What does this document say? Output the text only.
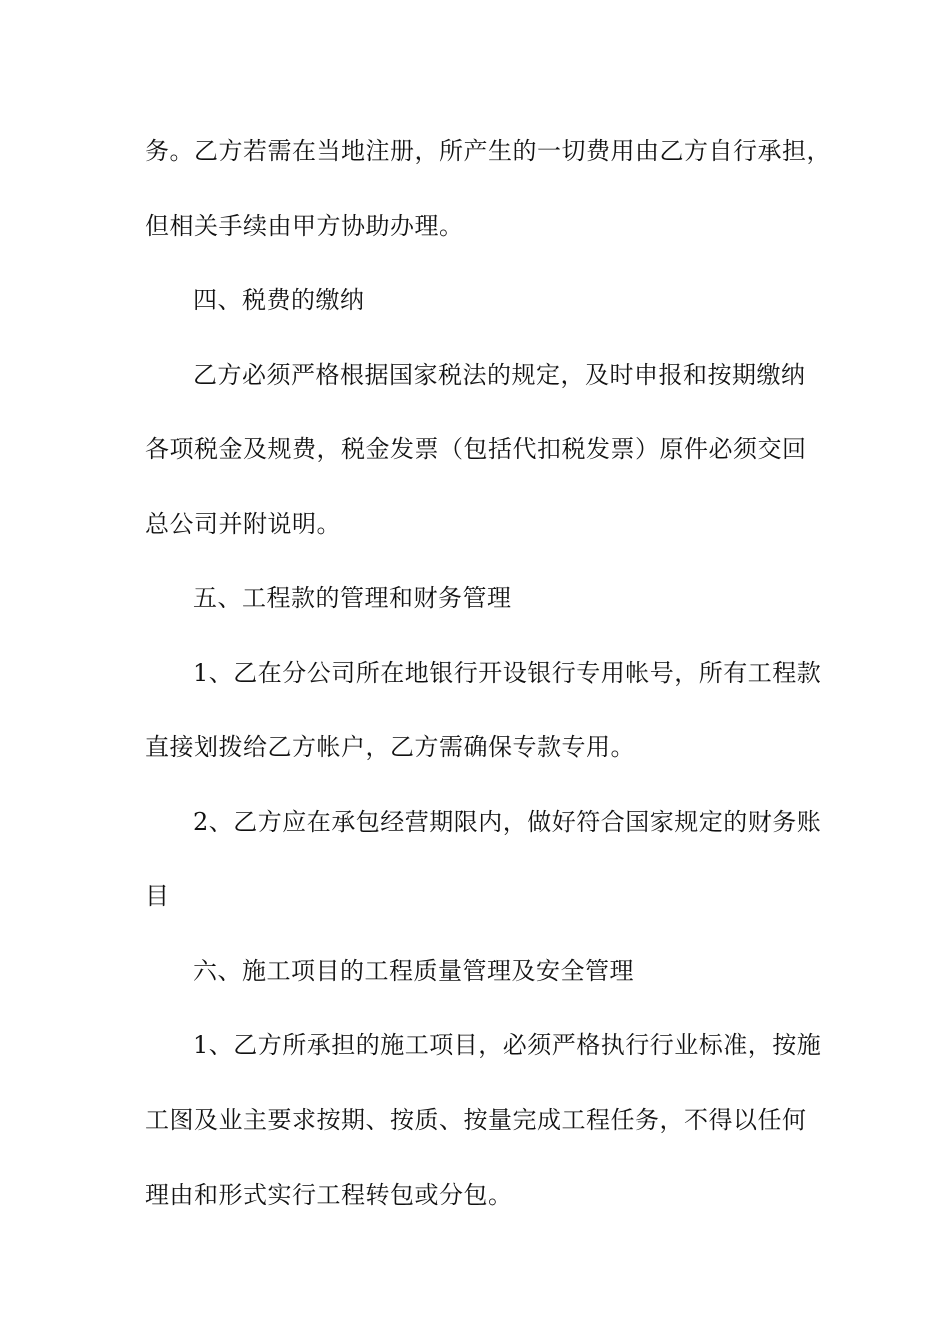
务。乙方若需在当地注册，所产生的一切费用由乙方自行承担，
但相关手续由甲方协助办理。
四、税费的缴纳
乙方必须严格根据国家税法的规定，及时申报和按期缴纳
各项税金及规费，税金发票（包括代扣税发票）原件必须交回
总公司并附说明。
五、工程款的管理和财务管理
1、乙在分公司所在地银行开设银行专用帐号，所有工程款
直接划拨给乙方帐户，乙方需确保专款专用。
2、乙方应在承包经营期限内，做好符合国家规定的财务账
目
六、施工项目的工程质量管理及安全管理
1、乙方所承担的施工项目，必须严格执行行业标准，按施
工图及业主要求按期、按质、按量完成工程任务，不得以任何
理由和形式实行工程转包或分包。
